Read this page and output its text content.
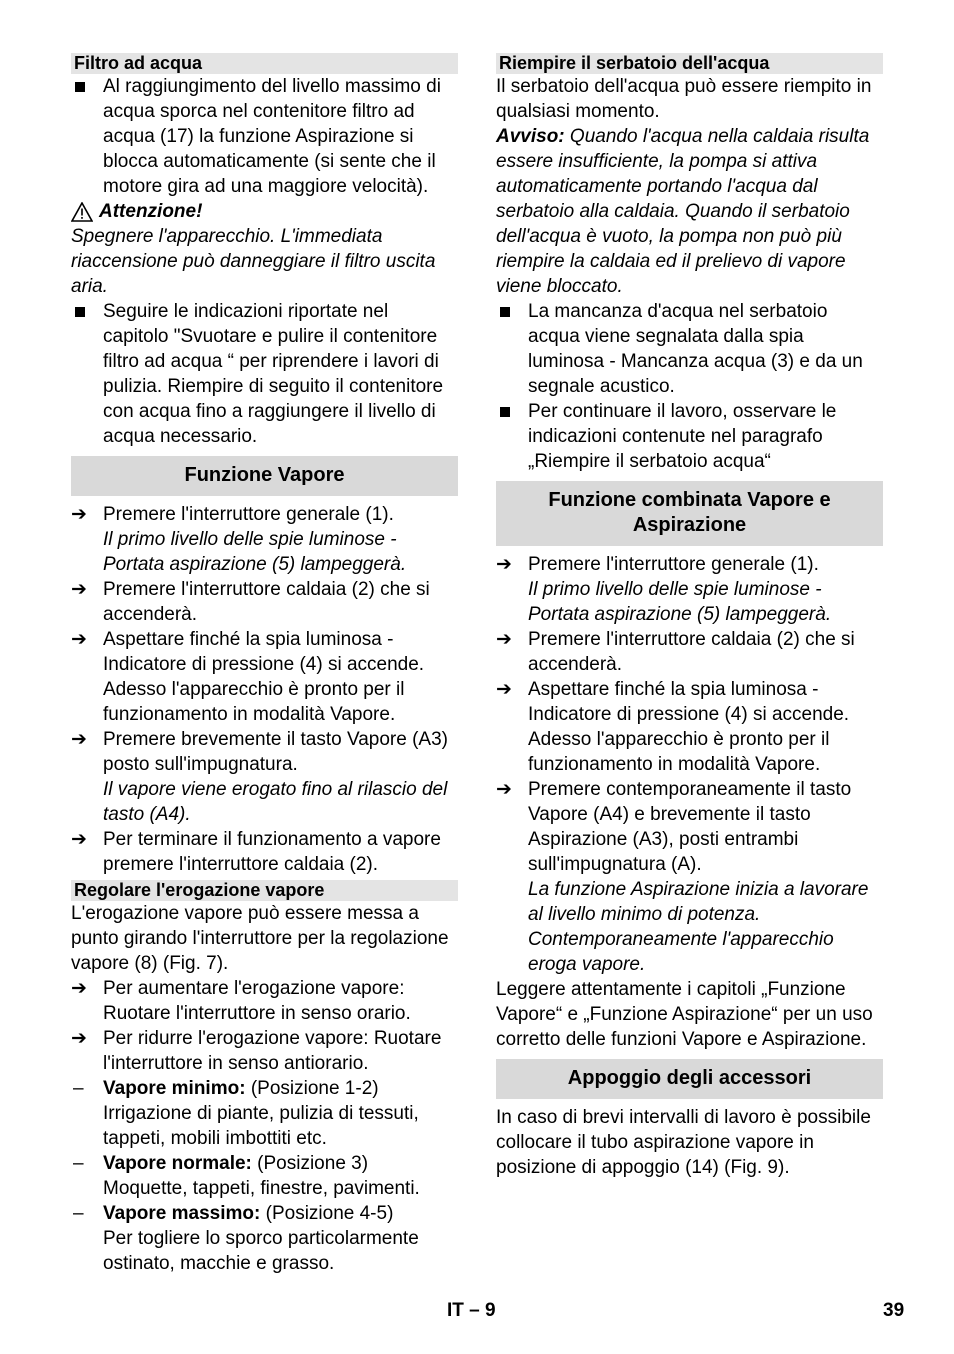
Filtro ad acqua

Al raggiungimento del livello massimo di acqua sporca nel contenitore filtro ad acqua (17) la funzione Aspirazione si blocca automaticamente (si sente che il motore gira ad una maggiore velocità).

Attenzione!

Spegnere l'apparecchio. L'immediata riaccensione può danneggiare il filtro uscita aria.

Seguire le indicazioni riportate nel capitolo "Svuotare e pulire il contenitore filtro ad acqua “ per riprendere i lavori di pulizia. Riempire di seguito il contenitore con acqua fino a raggiungere il livello di acqua necessario.

Funzione Vapore
➔ Premere l'interruttore generale (1).

Il primo livello delle spie luminose - Portata aspirazione (5) lampeggerà.

➔ Premere l'interruttore caldaia (2) che si accenderà.

➔ Aspettare finché la spia luminosa - Indicatore di pressione (4) si accende. Adesso l'apparecchio è pronto per il funzionamento in modalità Vapore.

➔ Premere brevemente il tasto Vapore (A3) posto sull'impugnatura.

Il vapore viene erogato fino al rilascio del tasto (A4).

➔ Per terminare il funzionamento a vapore premere l'interruttore caldaia (2).

Regolare l'erogazione vapore

L'erogazione vapore può essere messa a punto girando l'interruttore per la regolazione vapore (8) (Fig. 7).

➔ Per aumentare l'erogazione vapore: Ruotare l'interruttore in senso orario.

➔ Per ridurre l'erogazione vapore: Ruotare l'interruttore in senso antiorario.

–	Vapore minimo: (Posizione 1-2)

Irrigazione di piante, pulizia di tessuti, tappeti, mobili imbottiti etc.

–	Vapore normale: (Posizione 3)

Moquette, tappeti, finestre, pavimenti.

–	Vapore massimo: (Posizione 4-5)

Per togliere lo sporco particolarmente ostinato, macchie e grasso.

Riempire il serbatoio dell'acqua

Il serbatoio dell'acqua può essere riempito in qualsiasi momento.

Avviso: Quando l'acqua nella caldaia risulta essere insufficiente, la pompa si attiva automaticamente portando l'acqua dal serbatoio alla caldaia. Quando il serbatoio dell'acqua è vuoto, la pompa non può più riempire la caldaia ed il prelievo di vapore viene bloccato.

La mancanza d'acqua nel serbatoio acqua viene segnalata dalla spia luminosa - Mancanza acqua (3) e da un segnale acustico.

Per continuare il lavoro, osservare le indicazioni contenute nel paragrafo „Riempire il serbatoio acqua“

Funzione combinata Vapore e Aspirazione
➔ Premere l'interruttore generale (1).

Il primo livello delle spie luminose - Portata aspirazione (5) lampeggerà.

➔ Premere l'interruttore caldaia (2) che si accenderà.

➔ Aspettare finché la spia luminosa - Indicatore di pressione (4) si accende. Adesso l'apparecchio è pronto per il funzionamento in modalità Vapore.

➔ Premere contemporaneamente il tasto Vapore (A4) e brevemente il tasto Aspirazione (A3), posti entrambi sull'impugnatura (A).

La funzione Aspirazione inizia a lavorare al livello minimo di potenza. Contemporaneamente l'apparecchio eroga vapore.

Leggere attentamente i capitoli „Funzione Vapore“ e „Funzione Aspirazione“ per un uso corretto delle funzioni Vapore e Aspirazione.

Appoggio degli accessori

In caso di brevi intervalli di lavoro è possibile collocare il tubo aspirazione vapore in posizione di appoggio (14) (Fig. 9).

IT – 9	39
